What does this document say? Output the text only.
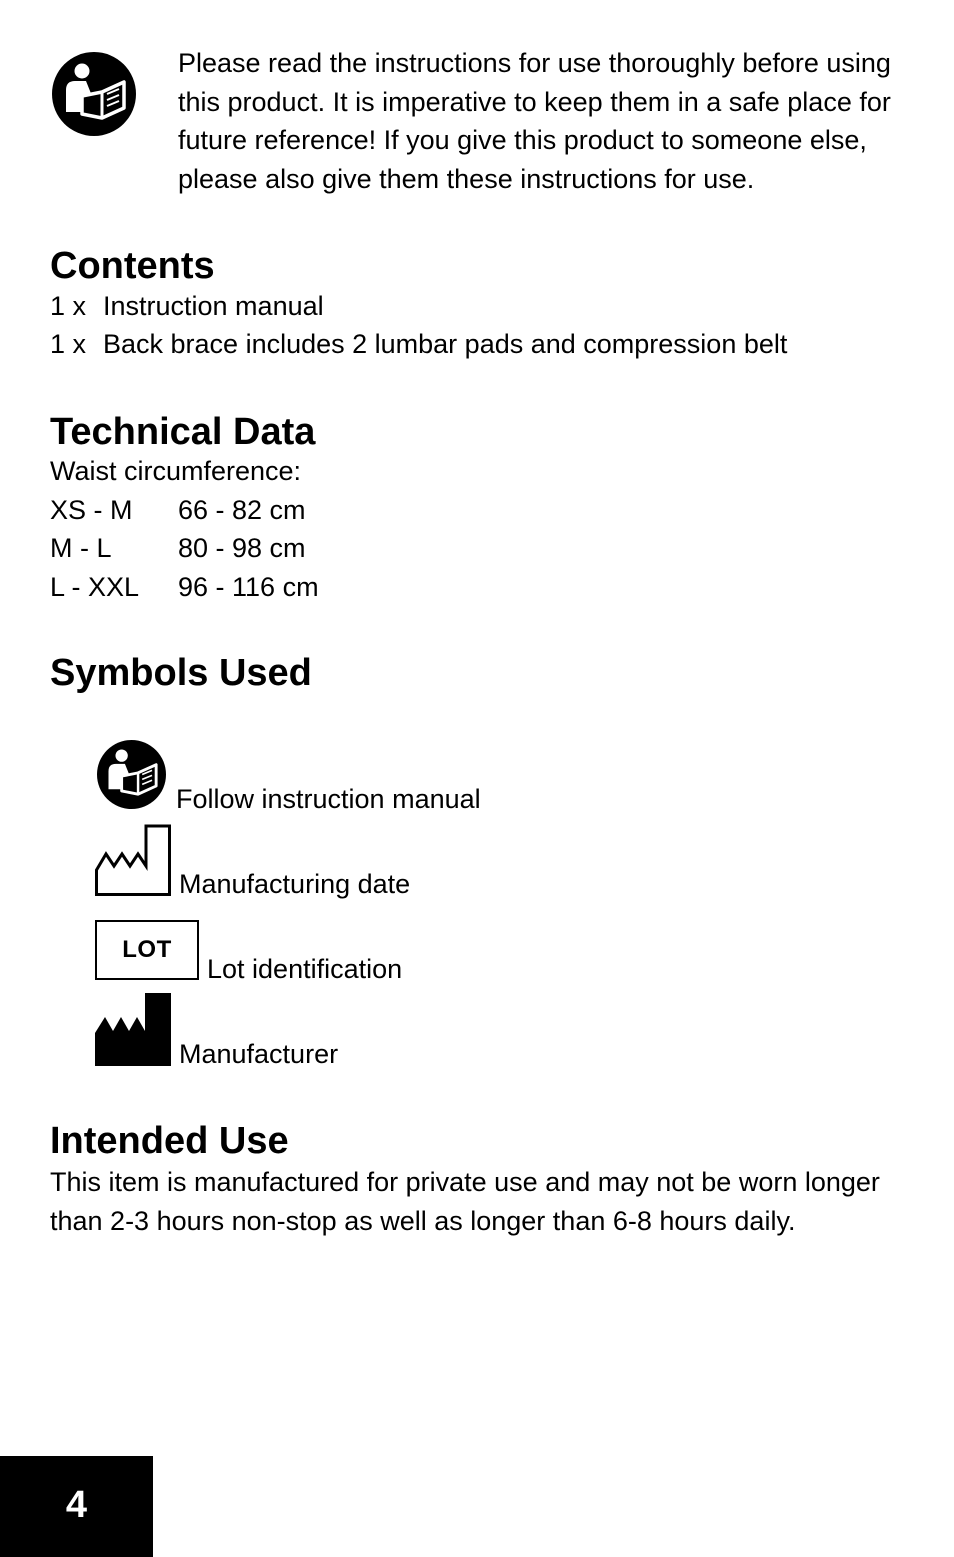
Please read the instructions for use thoroughly before using this product. It is imperative to keep them in a safe place for future reference! If you give this product to someone else, please also give them these instructions for use.
Contents
1 x Instruction manual
1 x Back brace includes 2 lumbar pads and compression belt
Technical Data
Waist circumference:
XS - M	66 - 82 cm
M - L	80 - 98 cm
L - XXL	96 - 116 cm
Symbols Used
Follow instruction manual
Manufacturing date
LOT
Lot identification
Manufacturer
Intended Use
This item is manufactured for private use and may not be worn longer than 2-3 hours non-stop as well as longer than 6-8 hours daily.
4
